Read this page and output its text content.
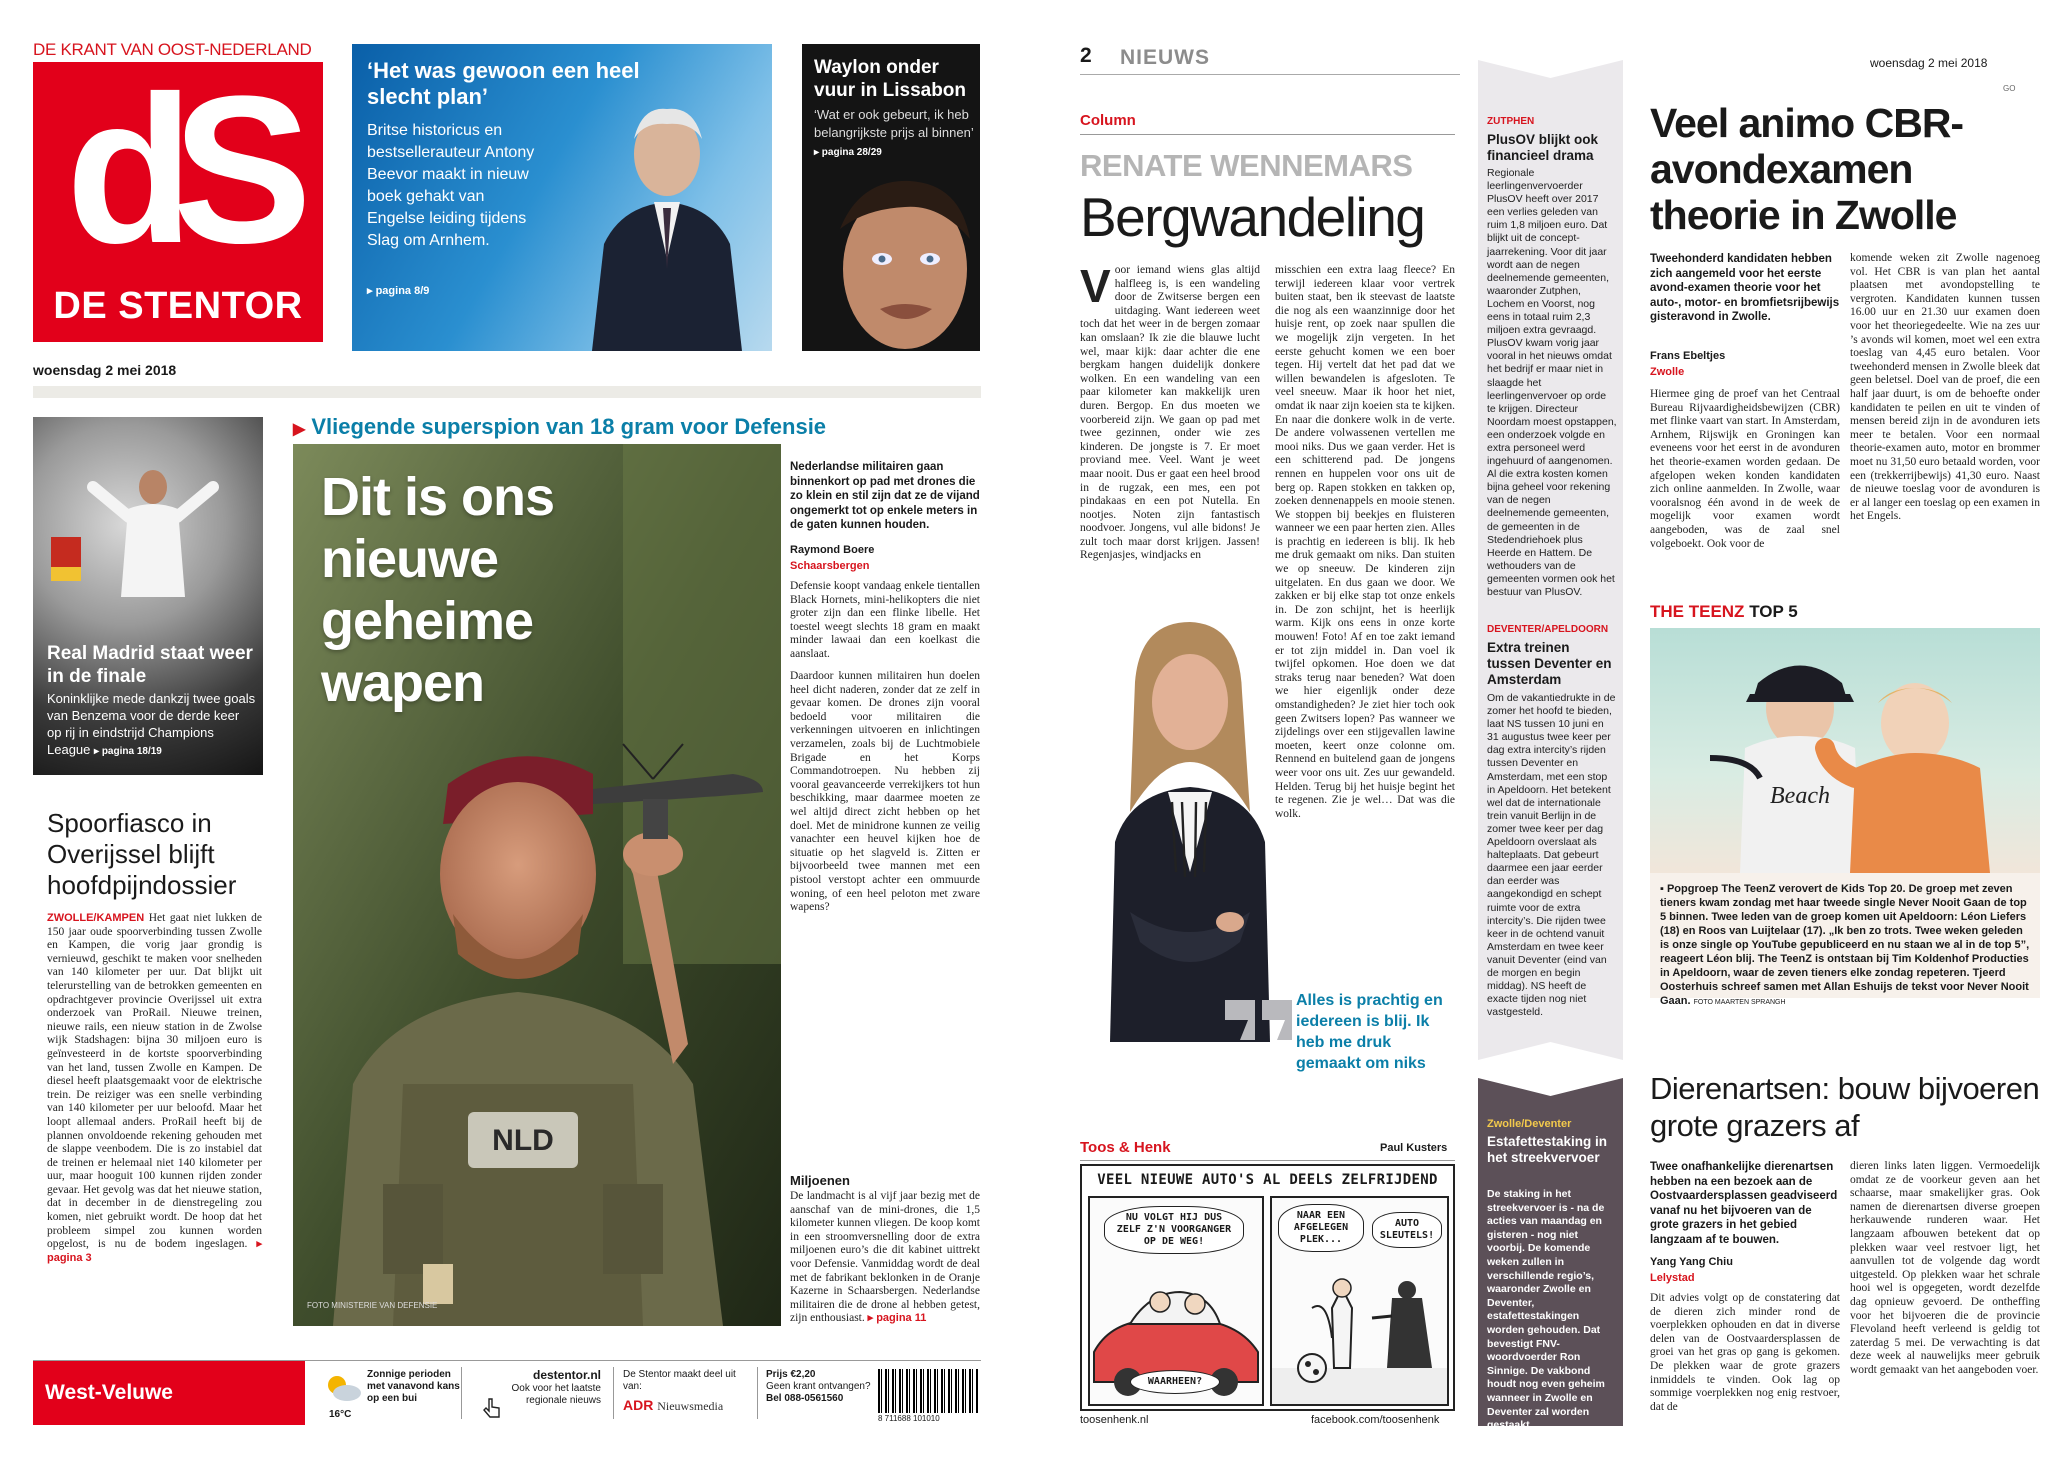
DE KRANT VAN OOST-NEDERLAND
dS
DE STENTOR
woensdag 2 mei 2018
‘Het was gewoon een heel slecht plan’
Britse historicus en bestsellerauteur Antony Beevor maakt in nieuw boek gehakt van Engelse leiding tijdens Slag om Arnhem.
▸ pagina 8/9
Waylon onder vuur in Lissabon
‘Wat er ook gebeurt, ik heb belangrijkste prijs al binnen’ ▸ pagina 28/29
Real Madrid staat weer in de finale
Koninklijke mede dankzij twee goals van Benzema voor de derde keer op rij in eindstrijd Champions League ▸ pagina 18/19
Spoorfiasco in Overijssel blijft hoofdpijndossier
ZWOLLE/KAMPEN Het gaat niet lukken de 150 jaar oude spoorverbinding tussen Zwolle en Kampen, die vorig jaar grondig is vernieuwd, geschikt te maken voor snelheden van 140 kilometer per uur. Dat blijkt uit telerurstelling van de betrokken gemeenten en opdrachtgever provincie Overijssel uit extra onderzoek van ProRail. Nieuwe treinen, nieuwe rails, een nieuw station in de Zwolse wijk Stadshagen: bijna 30 miljoen euro is geïnvesteerd in de kortste spoorverbinding van het land, tussen Zwolle en Kampen. De diesel heeft plaatsgemaakt voor de elektrische trein. De reiziger was een snelle verbinding van 140 kilometer per uur beloofd. Maar het loopt allemaal anders. ProRail heeft bij de plannen onvoldoende rekening gehouden met de slappe veenbodem. Die is zo instabiel dat de treinen er helemaal niet 140 kilometer per uur, maar hooguit 100 kunnen rijden zonder gevaar. Het gevolg was dat het nieuwe station, dat in december in de dienstregeling zou komen, niet gebruikt wordt. De hoop dat het probleem simpel zou kunnen worden opgelost, is nu de bodem ingeslagen. ▸ pagina 3
▶ Vliegende superspion van 18 gram voor Defensie
NLD
Dit is ons nieuwe geheime wapen
FOTO MINISTERIE VAN DEFENSIE
Nederlandse militairen gaan binnenkort op pad met drones die zo klein en stil zijn dat ze de vijand ongemerkt tot op enkele meters in de gaten kunnen houden.
Raymond Boere
Schaarsbergen
Defensie koopt vandaag enkele tientallen Black Hornets, mini-helikopters die niet groter zijn dan een flinke libelle. Het toestel weegt slechts 18 gram en maakt minder lawaai dan een koelkast die aanslaat.
Daardoor kunnen militairen hun doelen heel dicht naderen, zonder dat ze zelf in gevaar komen. De drones zijn vooral bedoeld voor militairen die verkenningen uitvoeren en inlichtingen verzamelen, zoals bij de Luchtmobiele Brigade en het Korps Commandotroepen. Nu hebben zij vooral geavanceerde verrekijkers tot hun beschikking, maar daarmee moeten ze wel altijd direct zicht hebben op het doel. Met de minidrone kunnen ze veilig vanachter een heuvel kijken hoe de situatie op het slagveld is. Zitten er bijvoorbeeld twee mannen met een pistool verstopt achter een ommuurde woning, of een heel peloton met zware wapens?
Miljoenen
De landmacht is al vijf jaar bezig met de aanschaf van de mini-drones, die 1,5 kilometer kunnen vliegen. De koop komt in een stroomversnelling door de extra miljoenen euro’s die dit kabinet uittrekt voor Defensie. Vanmiddag wordt de deal met de fabrikant beklonken in de Oranje Kazerne in Schaarsbergen. Nederlandse militairen die de drone al hebben getest, zijn enthousiast. ▸ pagina 11
West-Veluwe
Zonnige perioden met vanavond kans op een bui
16°C
destentor.nl
Ook voor het laatste regionale nieuws
De Stentor maakt deel uit van:
ADR Nieuwsmedia
Prijs €2,20
Geen krant ontvangen?
Bel 088-0561560
8 711688 101010
2 NIEUWS	woensdag 2 mei 2018
GO
Column
RENATE WENNEMARS
Bergwandeling
Voor iemand wiens glas altijd halfleeg is, is een wandeling door de Zwitserse bergen een uitdaging. Want iedereen weet toch dat het weer in de bergen zomaar kan omslaan? Ik zie die blauwe lucht wel, maar kijk: daar achter die ene bergkam hangen duidelijk donkere wolken. En een wandeling van een paar kilometer kan makkelijk uren duren. Bergop. En dus moeten we voorbereid zijn. We gaan op pad met twee gezinnen, onder wie zes kinderen. De jongste is 7. Er moet proviand mee. Veel. Want je weet maar nooit. Dus er gaat een heel brood in de rugzak, een mes, een pot pindakaas en een pot Nutella. En nootjes. Noten zijn fantastisch noodvoer. Jongens, vul alle bidons! Je zult toch maar dorst krijgen. Jassen! Regenjasjes, windjacks en
misschien een extra laag fleece? En terwijl iedereen klaar voor vertrek buiten staat, ben ik steevast de laatste die nog als een waanzinnige door het huisje rent, op zoek naar spullen die we mogelijk zijn vergeten. In het eerste gehucht komen we een boer tegen. Hij vertelt dat het pad dat we willen bewandelen is afgesloten. Te veel sneeuw. Maar ik hoor het niet, omdat ik naar zijn koeien sta te kijken. En naar die donkere wolk in de verte. De andere volwassenen vertellen me mooi niks. Dus we gaan verder. Het is een schitterend pad. De jongens rennen en huppelen voor ons uit de berg op. Rapen stokken en takken op, zoeken dennenappels en mooie stenen. We stoppen bij beekjes en fluisteren wanneer we een paar herten zien. Alles is prachtig en iedereen is blij. Ik heb me druk gemaakt om niks. Dan stuiten we op sneeuw. De kinderen zijn uitgelaten. En dus gaan we door. We zakken er bij elke stap tot onze enkels in. De zon schijnt, het is heerlijk warm. Kijk ons eens in onze korte mouwen! Foto! Af en toe zakt iemand er tot zijn middel in. Dan voel ik twijfel opkomen. Hoe doen we dat straks terug naar beneden? Wat doen we hier eigenlijk onder deze omstandigheden? Je ziet hier toch ook geen Zwitsers lopen? Pas wanneer we zijdelings over een stijgevallen lawine moeten, keert onze colonne om. Rennend en buitelend gaan de jongens weer voor ons uit. Zes uur gewandeld. Helden. Terug bij het huisje begint het te regenen. Zie je wel… Dat was die wolk.
Alles is prachtig en iedereen is blij. Ik heb me druk gemaakt om niks
Toos & Henk	Paul Kusters
VEEL NIEUWE AUTO'S AL DEELS ZELFRIJDEND
NU VOLGT HIJ DUS ZELF Z'N VOORGANGER OP DE WEG!
WAARHEEN?
NAAR EEN AFGELEGEN PLEK...
AUTO SLEUTELS!
toosenhenk.nl	facebook.com/toosenhenk
ZUTPHEN
PlusOV blijkt ook financieel drama
Regionale leerlingenvervoerder PlusOV heeft over 2017 een verlies geleden van ruim 1,8 miljoen euro. Dat blijkt uit de concept-jaarrekening. Voor dit jaar wordt aan de negen deelnemende gemeenten, waaronder Zutphen, Lochem en Voorst, nog eens in totaal ruim 2,3 miljoen extra gevraagd. PlusOV kwam vorig jaar vooral in het nieuws omdat het bedrijf er maar niet in slaagde het leerlingenvervoer op orde te krijgen. Directeur Noordam moest opstappen, een onderzoek volgde en extra personeel werd ingehuurd of aangenomen. Al die extra kosten komen bijna geheel voor rekening van de negen deelnemende gemeenten, de gemeenten in de Stedendriehoek plus Heerde en Hattem. De wethouders van de gemeenten vormen ook het bestuur van PlusOV.
DEVENTER/APELDOORN
Extra treinen tussen Deventer en Amsterdam
Om de vakantiedrukte in de zomer het hoofd te bieden, laat NS tussen 10 juni en 31 augustus twee keer per dag extra intercity’s rijden tussen Deventer en Amsterdam, met een stop in Apeldoorn. Het betekent wel dat de internationale trein vanuit Berlijn in de zomer twee keer per dag Apeldoorn overslaat als halteplaats. Dat gebeurt daarmee een jaar eerder dan eerder was aangekondigd en schept ruimte voor de extra intercity’s. Die rijden twee keer in de ochtend vanuit Amsterdam en twee keer vanuit Deventer (eind van de morgen en begin middag). NS heeft de exacte tijden nog niet vastgesteld.
Zwolle/Deventer
Estafettestaking in het streekvervoer
De staking in het streekvervoer is - na de acties van maandag en gisteren - nog niet voorbij. De komende weken zullen in verschillende regio’s, waaronder Zwolle en Deventer, estafettestakingen worden gehouden. Dat bevestigt FNV-woordvoerder Ron Sinnige. De vakbond houdt nog even geheim wanneer in Zwolle en Deventer zal worden gestaakt.
Veel animo CBR-avondexamen theorie in Zwolle
Tweehonderd kandidaten hebben zich aangemeld voor het eerste avond-examen theorie voor het auto-, motor- en bromfietsrijbewijs gisteravond in Zwolle.
Frans Ebeltjes
Zwolle
Hiermee ging de proef van het Centraal Bureau Rijvaardigheidsbewijzen (CBR) met flinke vaart van start. In Amsterdam, Arnhem, Rijswijk en Groningen kan eveneens voor het eerst in de avonduren het theorie-examen worden gedaan. De afgelopen weken konden kandidaten zich online aanmelden. In Zwolle, waar vooralsnog één avond in de week de mogelijk voor examen wordt aangeboden, was de zaal snel volgeboekt. Ook voor de
komende weken zit Zwolle nagenoeg vol. Het CBR is van plan het aantal plaatsen met avondopstelling te vergroten. Kandidaten kunnen tussen 16.00 uur en 21.30 uur examen doen voor het theoriegedeelte. Wie na zes uur ’s avonds wil komen, moet wel een extra toeslag van 4,45 euro betalen. Voor tweehonderd mensen in Zwolle bleek dat geen beletsel. Doel van de proef, die een half jaar duurt, is om de behoefte onder kandidaten te peilen en uit te vinden of mensen bereid zijn in de avonduren iets meer te betalen. Voor een normaal theorie-examen auto, motor en brommer moet nu 31,50 euro betaald worden, voor een (trekkerrijbewijs) 41,30 euro. Naast de nieuwe toeslag voor de avonduren is er al langer een toeslag op een examen in het Engels.
THE TEENZ TOP 5
Beach
▪ Popgroep The TeenZ verovert de Kids Top 20. De groep met zeven tieners kwam zondag met haar tweede single Never Nooit Gaan de top 5 binnen. Twee leden van de groep komen uit Apeldoorn: Léon Liefers (18) en Roos van Luijtelaar (17). „Ik ben zo trots. Twee weken geleden is onze single op YouTube gepubliceerd en nu staan we al in de top 5”, reageert Léon blij. The TeenZ is ontstaan bij Tim Koldenhof Producties in Apeldoorn, waar de zeven tieners elke zondag repeteren. Tjeerd Oosterhuis schreef samen met Allan Eshuijs de tekst voor Never Nooit Gaan. FOTO MAARTEN SPRANGH
Dierenartsen: bouw bijvoeren grote grazers af
Twee onafhankelijke dierenartsen hebben na een bezoek aan de Oostvaardersplassen geadviseerd vanaf nu het bijvoeren van de grote grazers in het gebied langzaam af te bouwen.
Yang Yang Chiu
Lelystad
Dit advies volgt op de constatering dat de dieren zich minder rond de voerplekken ophouden en dat in diverse delen van de Oostvaardersplassen de groei van het gras op gang is gekomen. De plekken waar de grote grazers inmiddels te vinden. Ook lag op sommige voerplekken nog enig restvoer, dat de
dieren links laten liggen. Vermoedelijk omdat ze de voorkeur geven aan het schaarse, maar smakelijker gras. Ook namen de dierenartsen diverse groepen herkauwende runderen waar. Het langzaam afbouwen betekent dat op plekken waar veel restvoer ligt, het aanvullen tot de volgende dag wordt uitgesteld. Op plekken waar het schrale hooi wel is opgegeten, wordt dezelfde dag opnieuw gevoerd. De ontheffing voor het bijvoeren die de provincie Flevoland heeft verleend is geldig tot zaterdag 5 mei. De verwachting is dat deze week al nauwelijks meer gebruik wordt gemaakt van het aangeboden voer.
